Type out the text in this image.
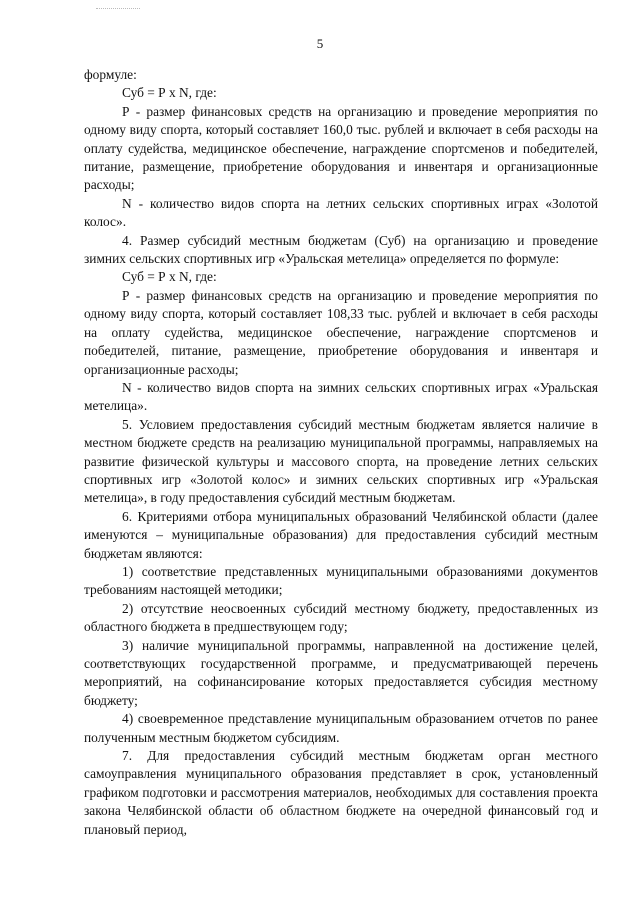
5

формуле:

Суб = Р х N, где:

Р - размер финансовых средств на организацию и проведение мероприятия по одному виду спорта, который составляет 160,0 тыс. рублей и включает в себя расходы на оплату судейства, медицинское обеспечение, награждение спортсменов и победителей, питание, размещение, приобретение оборудования и инвентаря и организационные расходы;

N - количество видов спорта на летних сельских спортивных играх «Золотой колос».

4. Размер субсидий местным бюджетам (Суб) на организацию и проведение зимних сельских спортивных игр «Уральская метелица» определяется по формуле:

Суб = Р х N, где:

Р - размер финансовых средств на организацию и проведение мероприятия по одному виду спорта, который составляет 108,33 тыс. рублей и включает в себя расходы на оплату судейства, медицинское обеспечение, награждение спортсменов и победителей, питание, размещение, приобретение оборудования и инвентаря и организационные расходы;

N - количество видов спорта на зимних сельских спортивных играх «Уральская метелица».

5. Условием предоставления субсидий местным бюджетам является наличие в местном бюджете средств на реализацию муниципальной программы, направляемых на развитие физической культуры и массового спорта, на проведение летних сельских спортивных игр «Золотой колос» и зимних сельских спортивных игр «Уральская метелица», в году предоставления субсидий местным бюджетам.

6. Критериями отбора муниципальных образований Челябинской области (далее именуются – муниципальные образования) для предоставления субсидий местным бюджетам являются:

1) соответствие представленных муниципальными образованиями документов требованиям настоящей методики;

2) отсутствие неосвоенных субсидий местному бюджету, предоставленных из областного бюджета в предшествующем году;

3) наличие муниципальной программы, направленной на достижение целей, соответствующих государственной программе, и предусматривающей перечень мероприятий, на софинансирование которых предоставляется субсидия местному бюджету;

4) своевременное представление муниципальным образованием отчетов по ранее полученным местным бюджетом субсидиям.

7. Для предоставления субсидий местным бюджетам орган местного самоуправления муниципального образования представляет в срок, установленный графиком подготовки и рассмотрения материалов, необходимых для составления проекта закона Челябинской области об областном бюджете на очередной финансовый год и плановый период,
